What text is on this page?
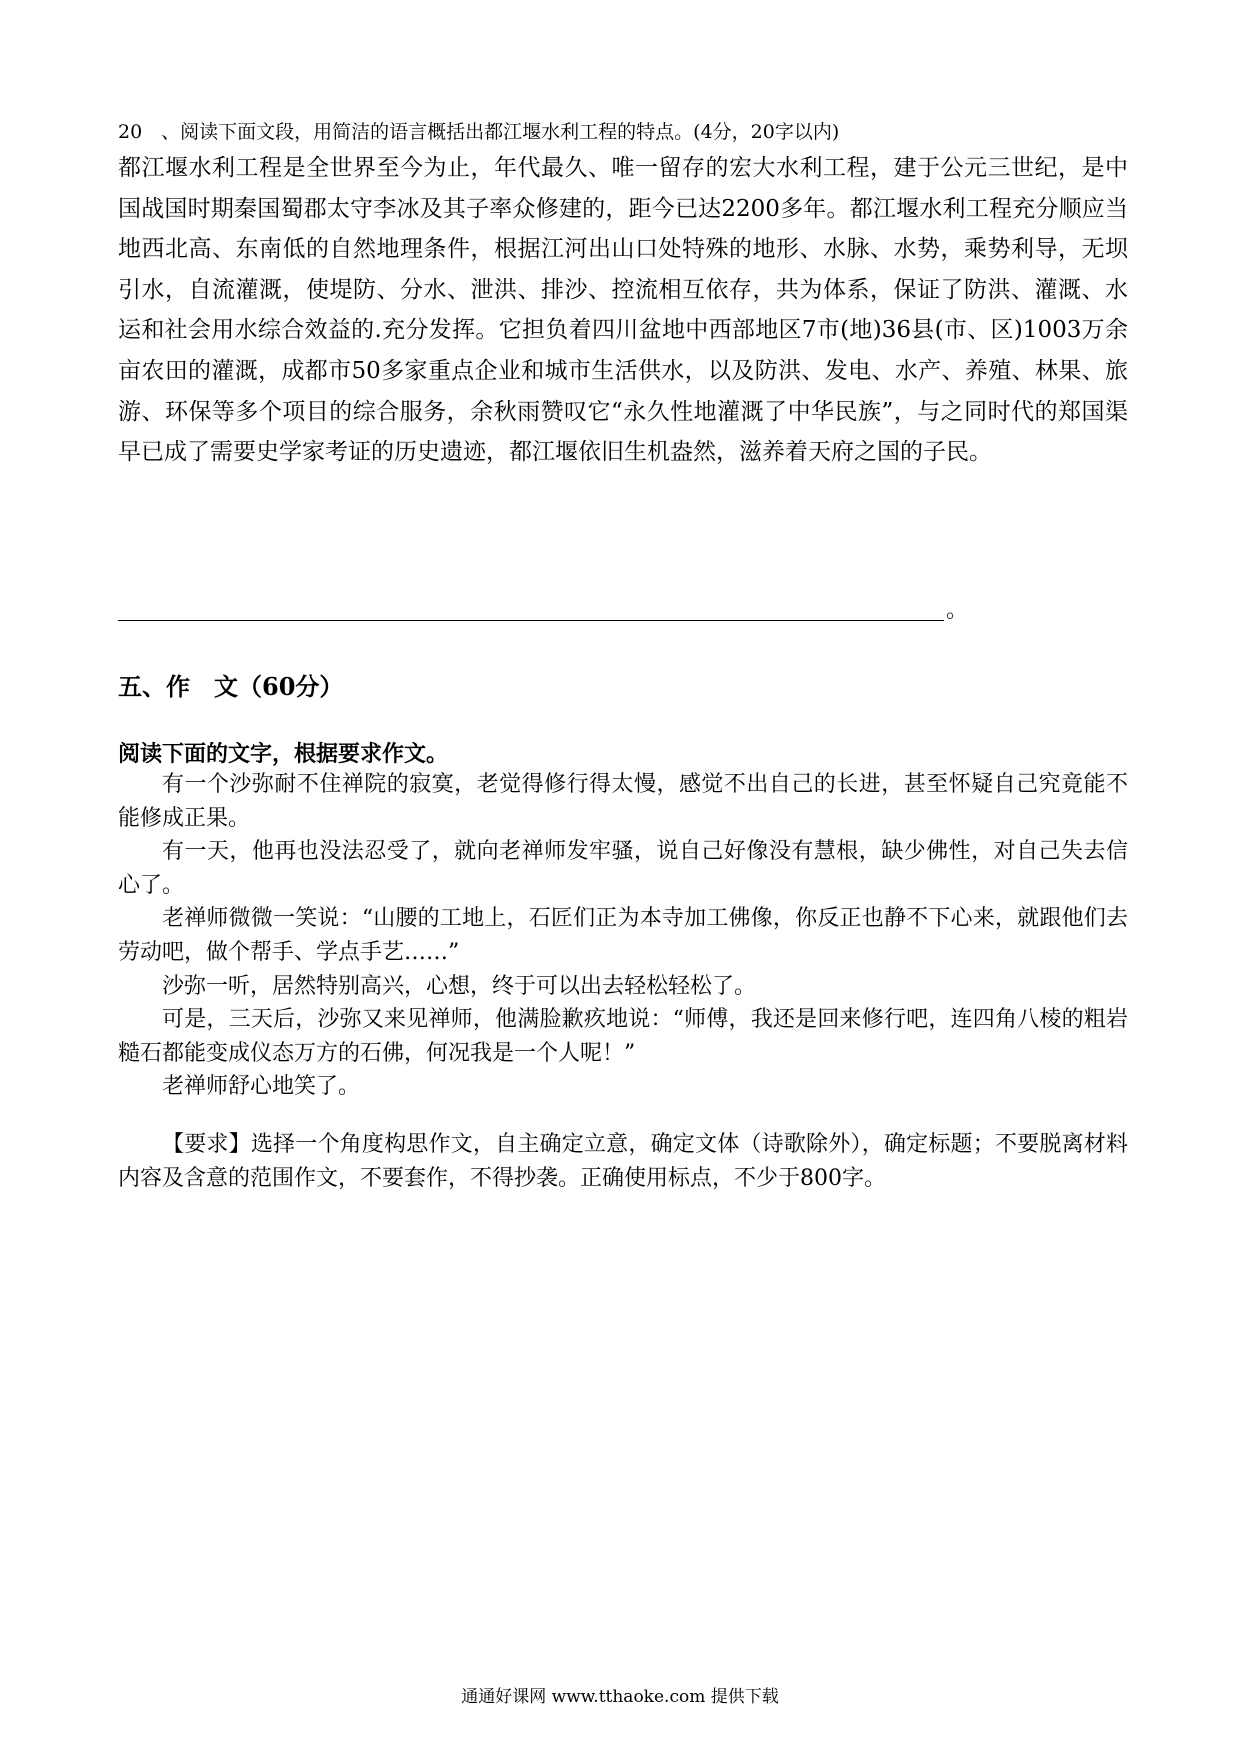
20　、阅读下面文段，用简洁的语言概括出都江堰水利工程的特点。(4分，20字以内)
都江堰水利工程是全世界至今为止，年代最久、唯一留存的宏大水利工程，建于公元三世纪，是中国战国时期秦国蜀郡太守李冰及其子率众修建的，距今已达2200多年。都江堰水利工程充分顺应当地西北高、东南低的自然地理条件，根据江河出山口处特殊的地形、水脉、水势，乘势利导，无坝引水，自流灌溉，使堤防、分水、泄洪、排沙、控流相互依存，共为体系，保证了防洪、灌溉、水运和社会用水综合效益的.充分发挥。它担负着四川盆地中西部地区7市(地)36县(市、区)1003万余亩农田的灌溉，成都市50多家重点企业和城市生活供水，以及防洪、发电、水产、养殖、林果、旅游、环保等多个项目的综合服务，余秋雨赞叹它“永久性地灌溉了中华民族”，与之同时代的郑国渠早已成了需要史学家考证的历史遗迹，都江堰依旧生机盎然，滋养着天府之国的子民。
。
五、作　文（60分）
阅读下面的文字，根据要求作文。

有一个沙弥耐不住禅院的寂寞，老觉得修行得太慢，感觉不出自己的长进，甚至怀疑自己究竟能不能修成正果。

有一天，他再也没法忍受了，就向老禅师发牢骚，说自己好像没有慧根，缺少佛性，对自己失去信心了。

老禅师微微一笑说：“山腰的工地上，石匠们正为本寺加工佛像，你反正也静不下心来，就跟他们去劳动吧，做个帮手、学点手艺……”

沙弥一听，居然特别高兴，心想，终于可以出去轻松轻松了。

可是，三天后，沙弥又来见禅师，他满脸歉疚地说：“师傅，我还是回来修行吧，连四角八棱的粗岩糙石都能变成仪态万方的石佛，何况我是一个人呢！”

老禅师舒心地笑了。

【要求】选择一个角度构思作文，自主确定立意，确定文体（诗歌除外），确定标题；不要脱离材料内容及含意的范围作文，不要套作，不得抄袭。正确使用标点，不少于800字。
通通好课网 www.tthaoke.com 提供下载
